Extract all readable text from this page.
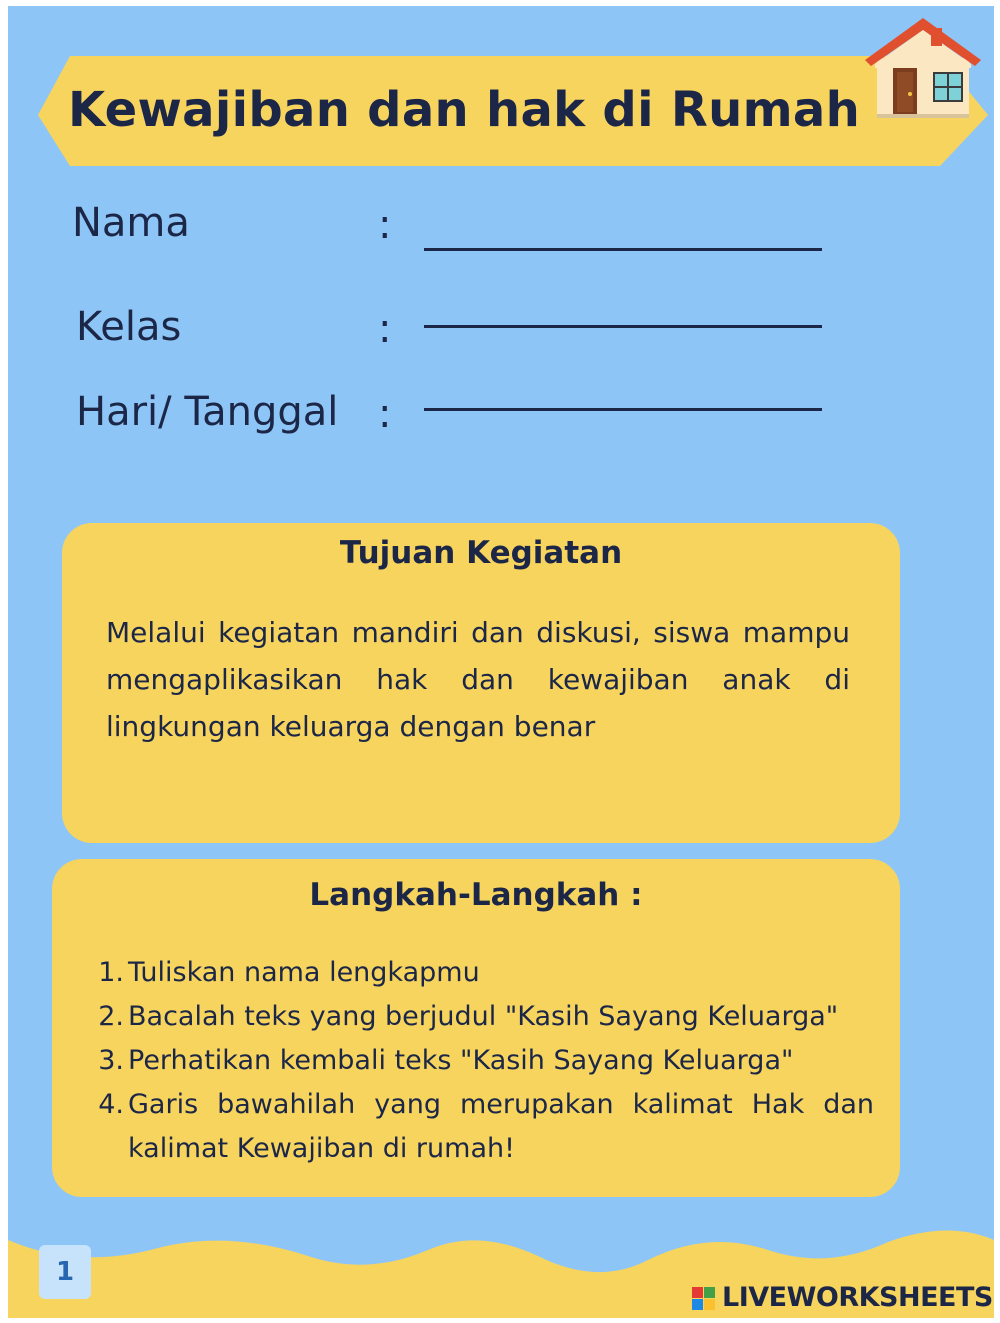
Kewajiban dan hak di Rumah
Nama	:
Kelas	:
Hari/ Tanggal :
Tujuan Kegiatan
Melalui kegiatan mandiri dan diskusi, siswa mampu mengaplikasikan hak dan kewajiban anak di lingkungan keluarga dengan benar
Langkah-Langkah :
1. Tuliskan nama lengkapmu
2. Bacalah teks yang berjudul "Kasih Sayang Keluarga"
3. Perhatikan kembali teks "Kasih Sayang Keluarga"
4. Garis bawahilah yang merupakan kalimat Hak dan kalimat Kewajiban di rumah!
1
LIVEWORKSHEETS
